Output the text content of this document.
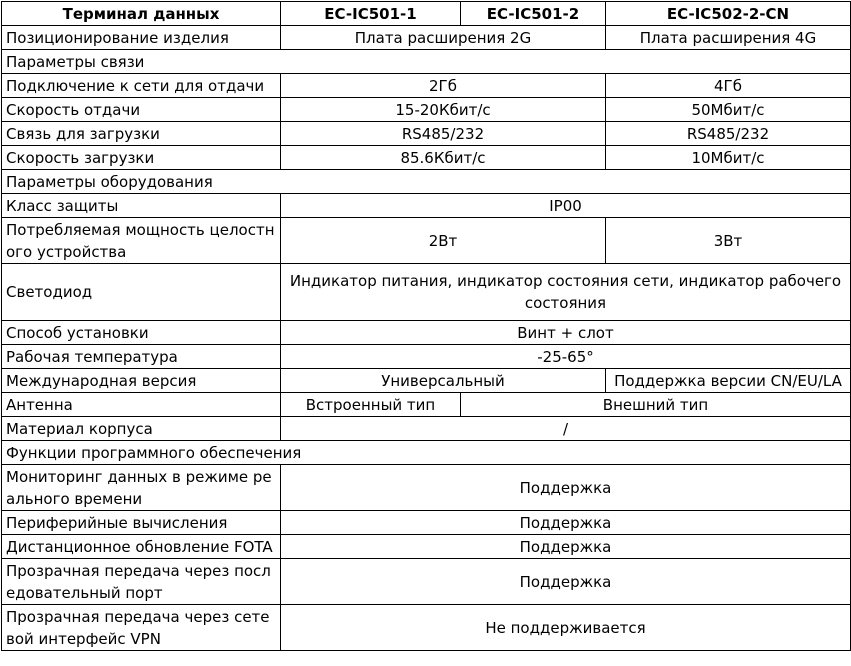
Терминал данных	EC-IC501-1	EC-IC501-2	EC-IC502-2-CN
Позиционирование изделия	Плата расширения 2G		Плата расширения 4G
Параметры связи			
Подключение к сети для отдачи	2Гб		4Гб
Скорость отдачи	15-20Кбит/с		50Мбит/с
Связь для загрузки	RS485/232		RS485/232
Скорость загрузки	85.6Кбит/с		10Мбит/с
Параметры оборудования			
Класс защиты	IP00		
Потребляемая мощность целостн ого устройства	2Вт		3Вт
Светодиод	Индикатор питания, индикатор состояния сети, индикатор рабочего состояния		
Способ установки	Винт + слот		
Рабочая температура	-25-65°		
Международная версия	Универсальный		Поддержка версии CN/EU/LA
Антенна	Встроенный тип	Внешний тип	
Материал корпуса	/		
Функции программного обеспечения			
Мониторинг данных в режиме ре ального времени	Поддержка		
Периферийные вычисления	Поддержка		
Дистанционное обновление FOTA	Поддержка		
Прозрачная передача через посл едовательный порт	Поддержка		
Прозрачная передача через сете вой интерфейс VPN	Не поддерживается		
